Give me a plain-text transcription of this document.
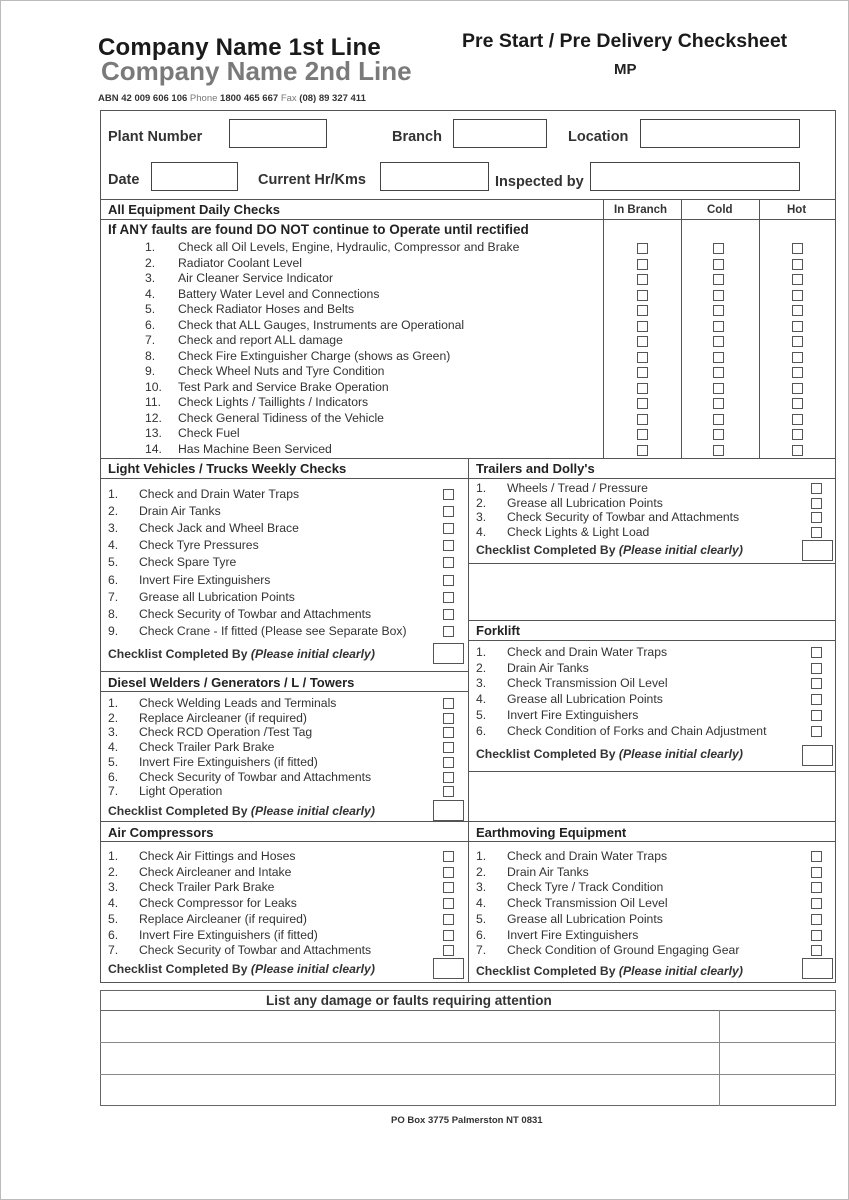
Company Name 1st Line
Company Name 2nd Line
ABN 42 009 606 106 Phone 1800 465 667 Fax (08) 89 327 411
Pre Start / Pre Delivery Checksheet
MP
Plant Number	Branch	Location
Date	Current Hr/Kms	Inspected by
All Equipment Daily Checks	In Branch	Cold	Hot
If ANY faults are found DO NOT continue to Operate until rectified
1. Check all Oil Levels, Engine, Hydraulic, Compressor and Brake
2. Radiator Coolant Level
3. Air Cleaner Service Indicator
4. Battery Water Level and Connections
5. Check Radiator Hoses and Belts
6. Check that ALL Gauges, Instruments are Operational
7. Check and report ALL damage
8. Check Fire Extinguisher Charge (shows as Green)
9. Check Wheel Nuts and Tyre Condition
10. Test Park and Service Brake Operation
11. Check Lights / Taillights / Indicators
12. Check General Tidiness of the Vehicle
13. Check Fuel
14. Has Machine Been Serviced
Light Vehicles / Trucks Weekly Checks
1. Check and Drain Water Traps
2. Drain Air Tanks
3. Check Jack and Wheel Brace
4. Check Tyre Pressures
5. Check Spare Tyre
6. Invert Fire Extinguishers
7. Grease all Lubrication Points
8. Check Security of Towbar and Attachments
9. Check Crane - If fitted (Please see Separate Box)
Checklist Completed By (Please initial clearly)
Trailers and Dolly's
1. Wheels / Tread / Pressure
2. Grease all Lubrication Points
3. Check Security of Towbar and Attachments
4. Check Lights & Light Load
Checklist Completed By (Please initial clearly)
Forklift
1. Check and Drain Water Traps
2. Drain Air Tanks
3. Check Transmission Oil Level
4. Grease all Lubrication Points
5. Invert Fire Extinguishers
6. Check Condition of Forks and Chain Adjustment
Checklist Completed By (Please initial clearly)
Diesel Welders / Generators / L / Towers
1. Check Welding Leads and Terminals
2. Replace Aircleaner (if required)
3. Check RCD Operation /Test Tag
4. Check Trailer Park Brake
5. Invert Fire Extinguishers (if fitted)
6. Check Security of Towbar and Attachments
7. Light Operation
Checklist Completed By (Please initial clearly)
Air Compressors
1. Check Air Fittings and Hoses
2. Check Aircleaner and Intake
3. Check Trailer Park Brake
4. Check Compressor for Leaks
5. Replace Aircleaner (if required)
6. Invert Fire Extinguishers (if fitted)
7. Check Security of Towbar and Attachments
Checklist Completed By (Please initial clearly)
Earthmoving Equipment
1. Check and Drain Water Traps
2. Drain Air Tanks
3. Check Tyre / Track Condition
4. Check Transmission Oil Level
5. Grease all Lubrication Points
6. Invert Fire Extinguishers
7. Check Condition of Ground Engaging Gear
Checklist Completed By (Please initial clearly)
List any damage or faults requiring attention
PO Box 3775 Palmerston NT 0831
